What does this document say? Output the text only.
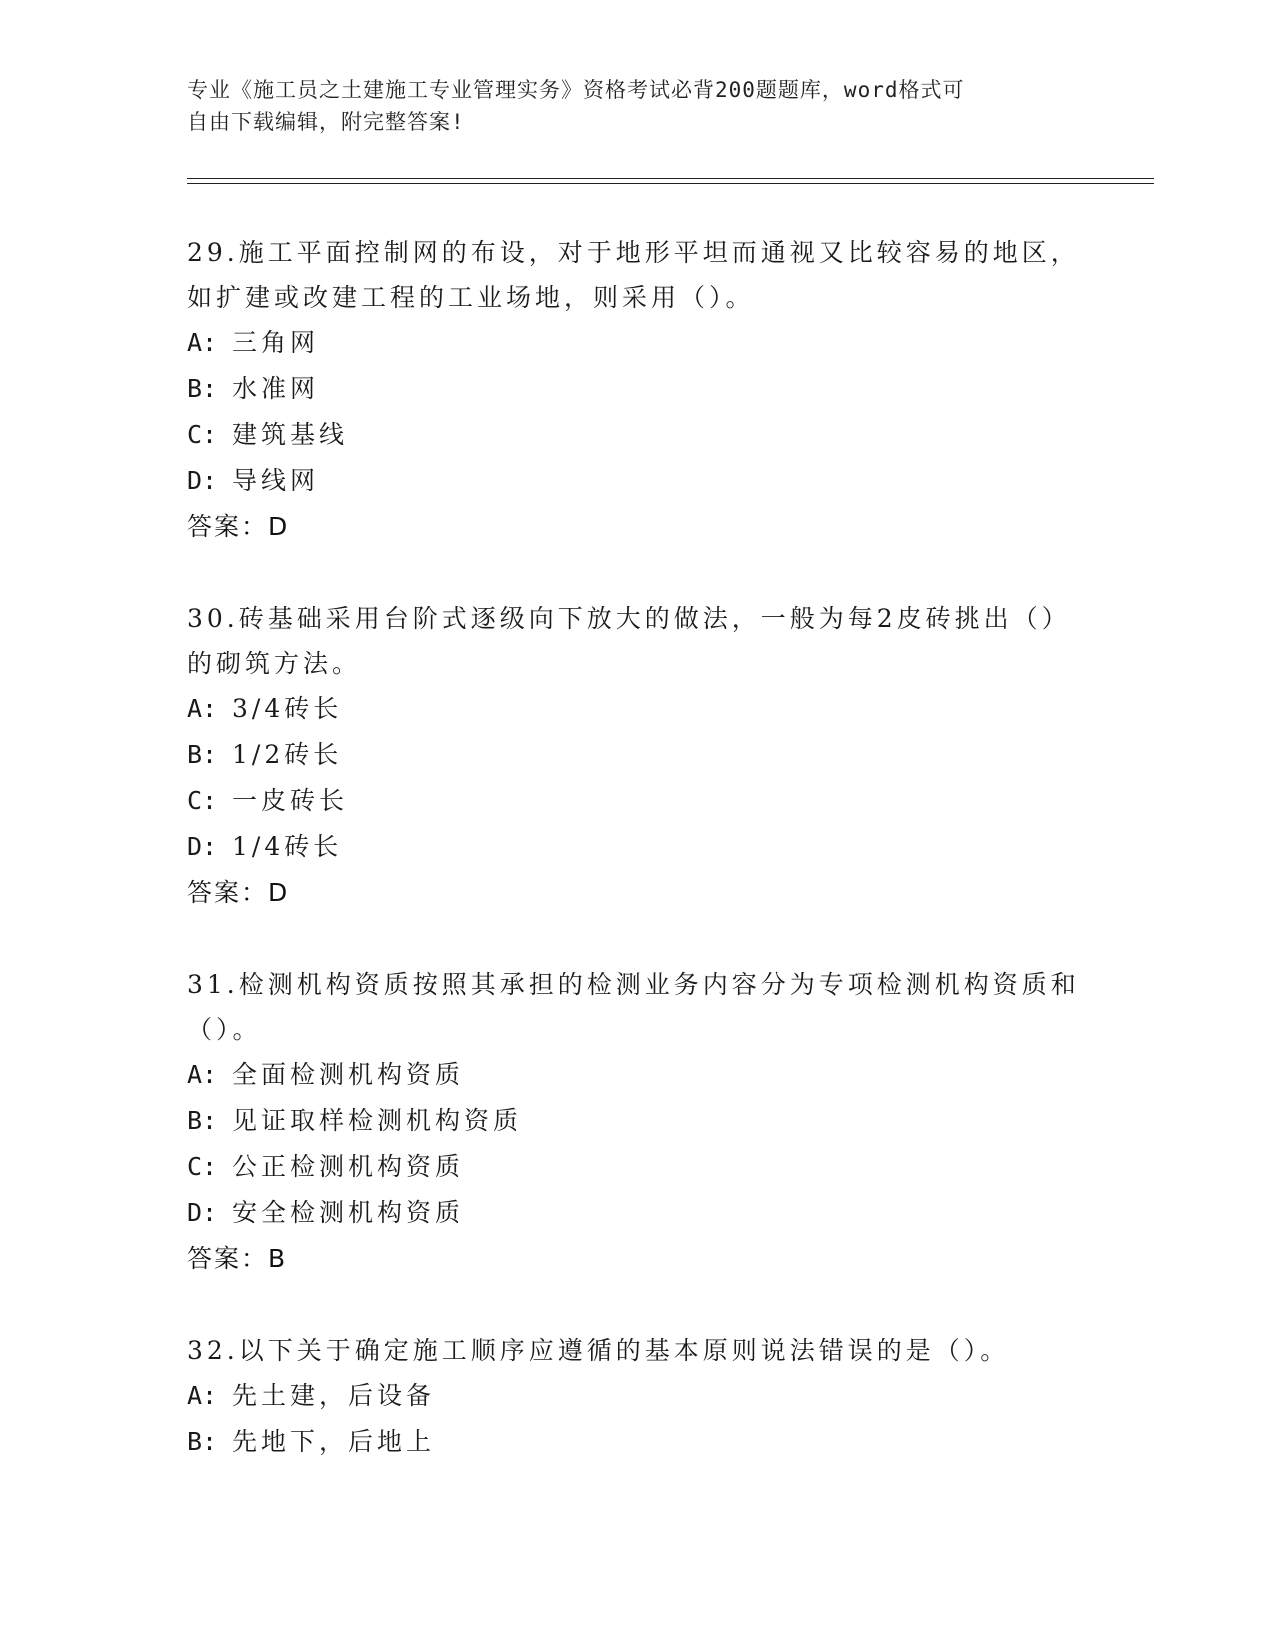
专业《施工员之土建施工专业管理实务》资格考试必背200题题库，word格式可
自由下载编辑，附完整答案!
29.施工平面控制网的布设，对于地形平坦而通视又比较容易的地区，
如扩建或改建工程的工业场地，则采用（）。
A: 三角网
B: 水准网
C: 建筑基线
D: 导线网
答案：D
30.砖基础采用台阶式逐级向下放大的做法，一般为每2皮砖挑出（）
的砌筑方法。
A: 3/4砖长
B: 1/2砖长
C: 一皮砖长
D: 1/4砖长
答案：D
31.检测机构资质按照其承担的检测业务内容分为专项检测机构资质和
（）。
A: 全面检测机构资质
B: 见证取样检测机构资质
C: 公正检测机构资质
D: 安全检测机构资质
答案：B
32.以下关于确定施工顺序应遵循的基本原则说法错误的是（）。
A: 先土建，后设备
B: 先地下，后地上
